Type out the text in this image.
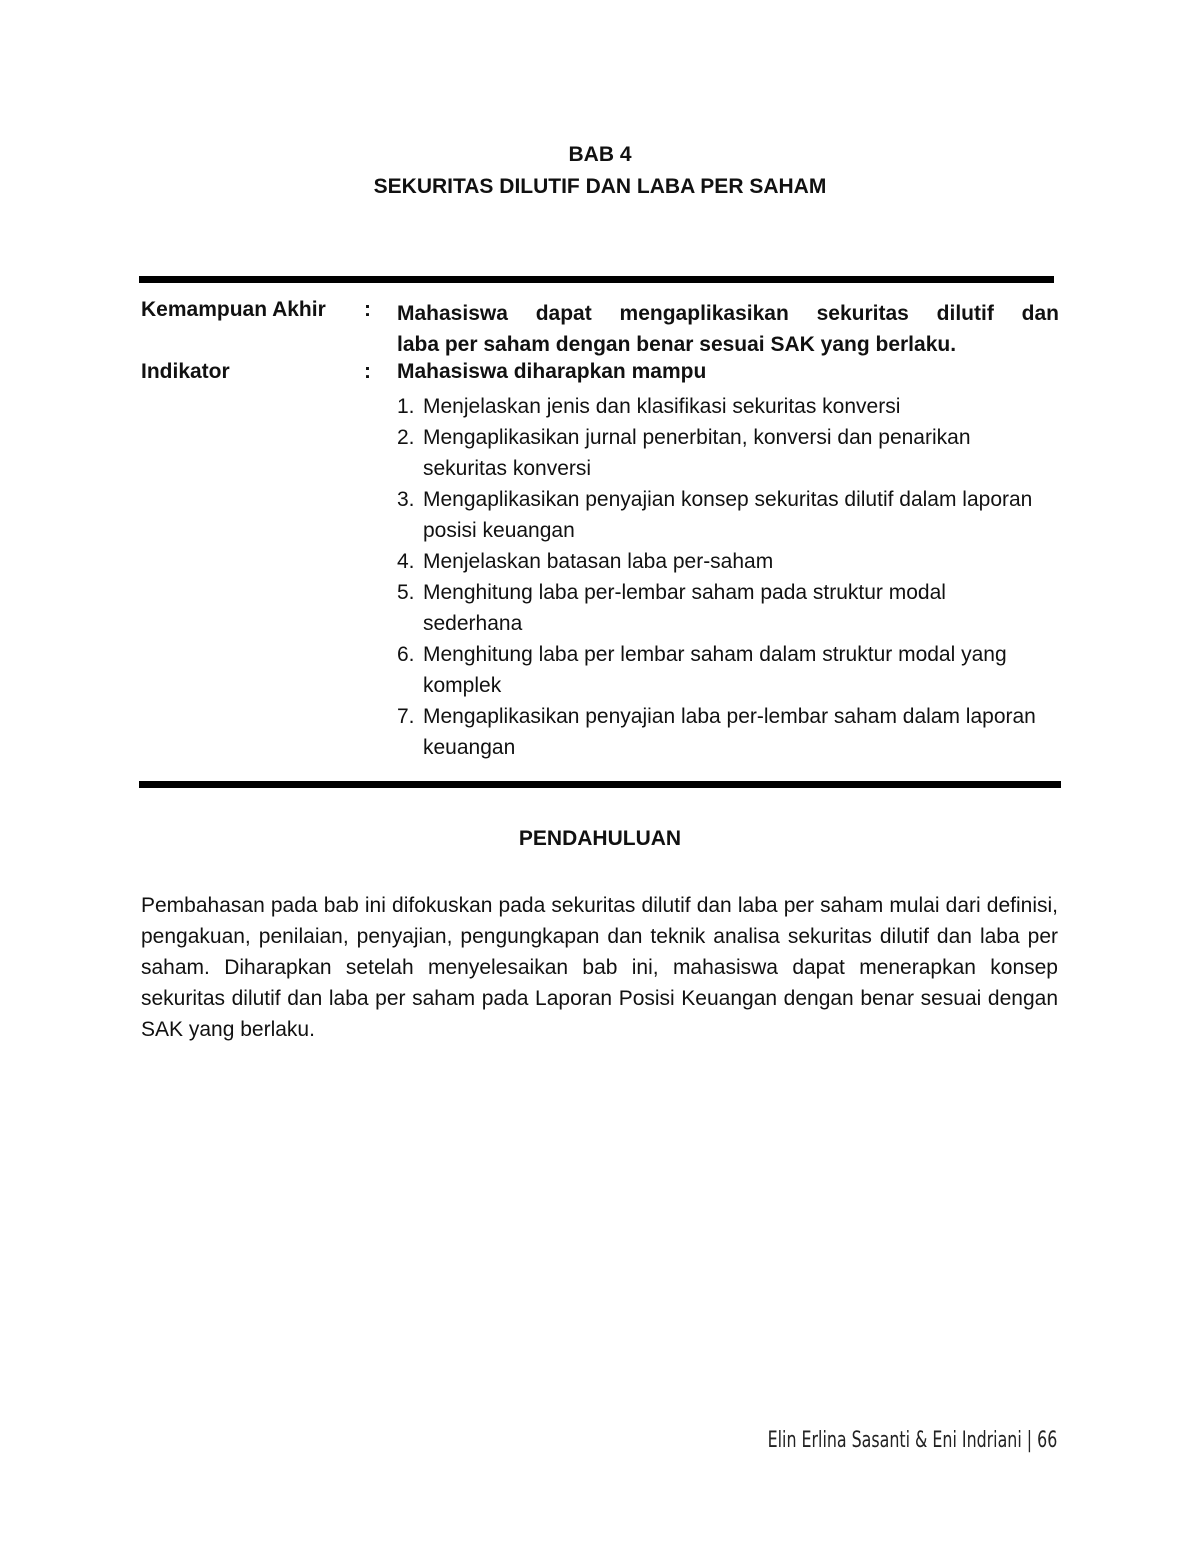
BAB 4
SEKURITAS DILUTIF DAN LABA PER SAHAM
Kemampuan Akhir : Mahasiswa dapat mengaplikasikan sekuritas dilutif dan
laba per saham dengan benar sesuai SAK yang berlaku.
Indikator	: Mahasiswa diharapkan mampu
1. Menjelaskan jenis dan klasifikasi sekuritas konversi
2. Mengaplikasikan jurnal penerbitan, konversi dan penarikan sekuritas konversi
3. Mengaplikasikan penyajian konsep sekuritas dilutif dalam laporan posisi keuangan
4. Menjelaskan batasan laba per-saham
5. Menghitung laba per-lembar saham pada struktur modal sederhana
6. Menghitung laba per lembar saham dalam struktur modal yang komplek
7. Mengaplikasikan penyajian laba per-lembar saham dalam laporan keuangan
PENDAHULUAN

Pembahasan pada bab ini difokuskan pada sekuritas dilutif dan laba per saham mulai dari definisi, pengakuan, penilaian, penyajian, pengungkapan dan teknik analisa sekuritas dilutif dan laba per saham. Diharapkan setelah menyelesaikan bab ini, mahasiswa dapat menerapkan konsep sekuritas dilutif dan laba per saham pada Laporan Posisi Keuangan dengan benar sesuai dengan SAK yang berlaku.

Elin Erlina Sasanti & Eni Indriani | 66
